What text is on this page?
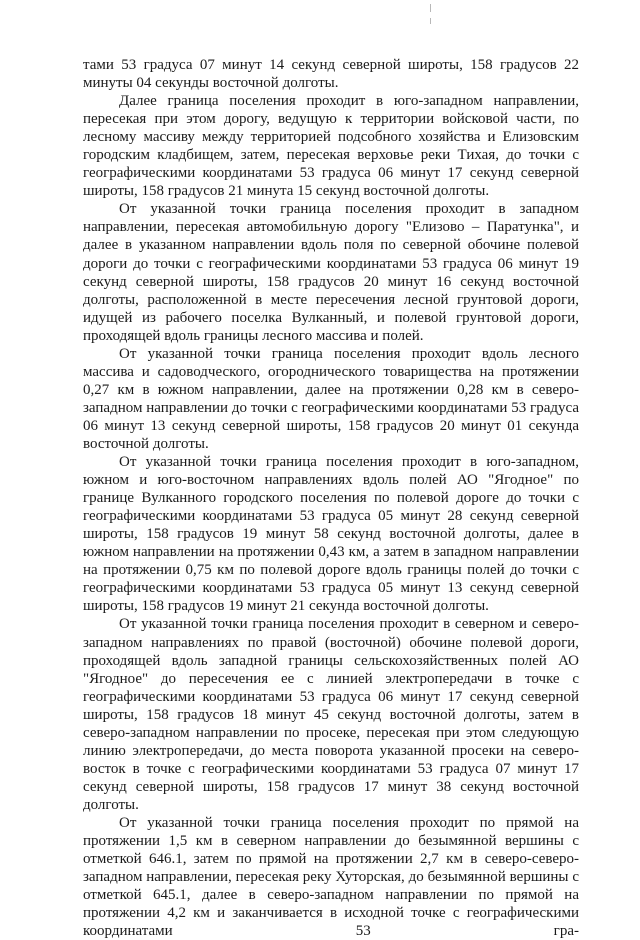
тами 53 градуса 07 минут 14 секунд северной широты, 158 градусов 22 минуты 04 секунды восточной долготы.

Далее граница поселения проходит в юго-западном направлении, пересекая при этом дорогу, ведущую к территории войсковой части, по лесному массиву между территорией подсобного хозяйства и Елизовским городским кладбищем, затем, пересекая верховье реки Тихая, до точки с географическими координатами 53 градуса 06 минут 17 секунд северной широты, 158 градусов 21 минута 15 секунд восточной долготы.

От указанной точки граница поселения проходит в западном направлении, пересекая автомобильную дорогу "Елизово – Паратунка", и далее в указанном направлении вдоль поля по северной обочине полевой дороги до точки с географическими координатами 53 градуса 06 минут 19 секунд северной широты, 158 градусов 20 минут 16 секунд восточной долготы, расположенной в месте пересечения лесной грунтовой дороги, идущей из рабочего поселка Вулканный, и полевой грунтовой дороги, проходящей вдоль границы лесного массива и полей.

От указанной точки граница поселения проходит вдоль лесного массива и садоводческого, огороднического товарищества на протяжении 0,27 км в южном направлении, далее на протяжении 0,28 км в северо-западном направлении до точки с географическими координатами 53 градуса 06 минут 13 секунд северной широты, 158 градусов 20 минут 01 секунда восточной долготы.

От указанной точки граница поселения проходит в юго-западном, южном и юго-восточном направлениях вдоль полей АО "Ягодное" по границе Вулканного городского поселения по полевой дороге до точки с географическими координатами 53 градуса 05 минут 28 секунд северной широты, 158 градусов 19 минут 58 секунд восточной долготы, далее в южном направлении на протяжении 0,43 км, а затем в западном направлении на протяжении 0,75 км по полевой дороге вдоль границы полей до точки с географическими координатами 53 градуса 05 минут 13 секунд северной широты, 158 градусов 19 минут 21 секунда восточной долготы.

От указанной точки граница поселения проходит в северном и северо-западном направлениях по правой (восточной) обочине полевой дороги, проходящей вдоль западной границы сельскохозяйственных полей АО "Ягодное" до пересечения ее с линией электропередачи в точке с географическими координатами 53 градуса 06 минут 17 секунд северной широты, 158 градусов 18 минут 45 секунд восточной долготы, затем в северо-западном направлении по просеке, пересекая при этом следующую линию электропередачи, до места поворота указанной просеки на северо-восток в точке с географическими координатами 53 градуса 07 минут 17 секунд северной широты, 158 градусов 17 минут 38 секунд восточной долготы.

От указанной точки граница поселения проходит по прямой на протяжении 1,5 км в северном направлении до безымянной вершины с отметкой 646.1, затем по прямой на протяжении 2,7 км в северо-северо-западном направлении, пересекая реку Хуторская, до безымянной вершины с отметкой 645.1, далее в северо-западном направлении по прямой на протяжении 4,2 км и заканчивается в исходной точке с географическими координатами 53 гра-
